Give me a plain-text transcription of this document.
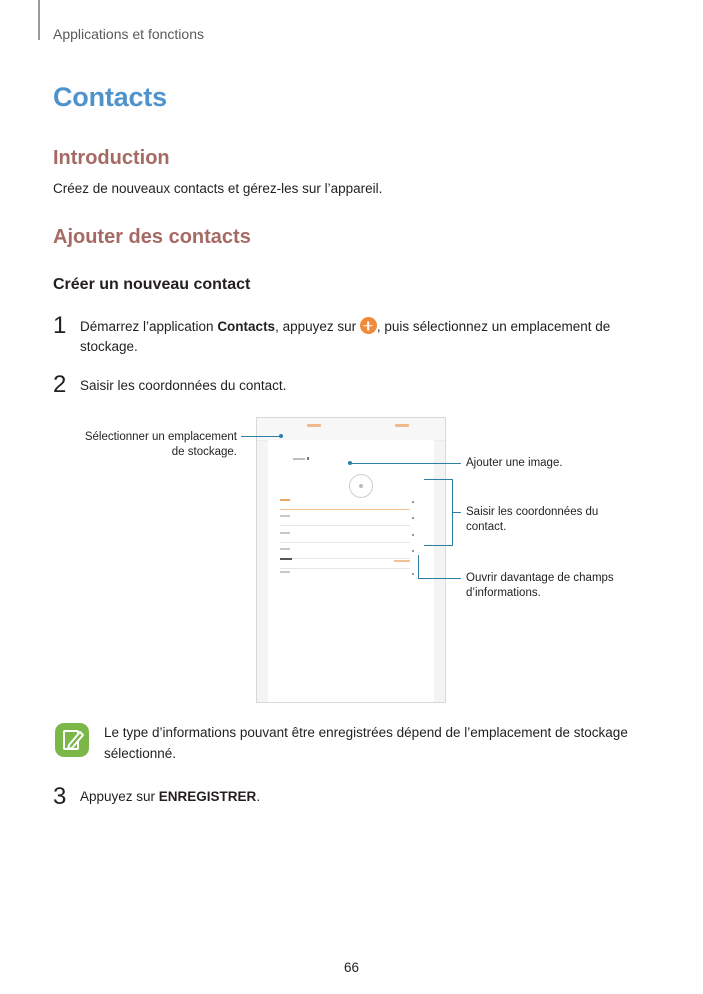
Applications et fonctions
Contacts
Introduction
Créez de nouveaux contacts et gérez-les sur l’appareil.
Ajouter des contacts
Créer un nouveau contact
1 Démarrez l’application Contacts, appuyez sur , puis sélectionnez un emplacement de
stockage.
2 Saisir les coordonnées du contact.
Sélectionner un emplacement
de stockage.
Ajouter une image.
Saisir les coordonnées du
contact.
Ouvrir davantage de champs
d’informations.
Le type d’informations pouvant être enregistrées dépend de l’emplacement de stockage
sélectionné.
3 Appuyez sur ENREGISTRER.
66
